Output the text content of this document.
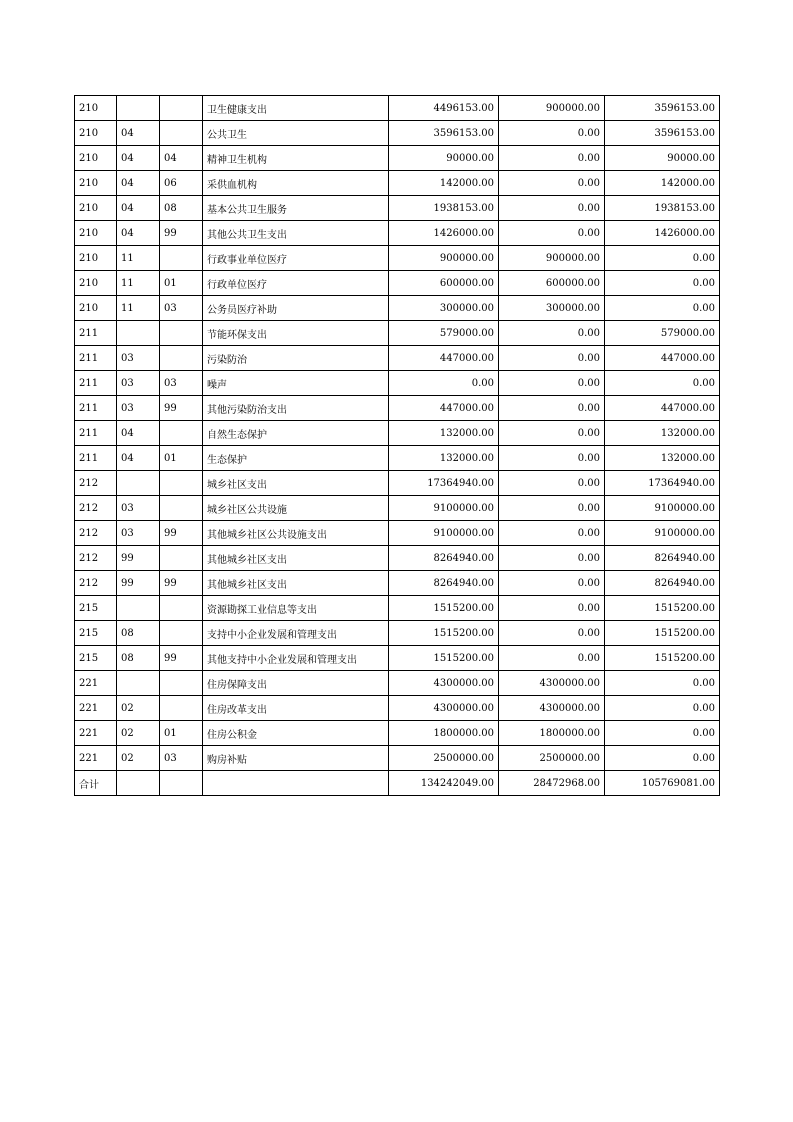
210			卫生健康支出	4496153.00	900000.00	3596153.00
210	04		公共卫生	3596153.00	0.00	3596153.00
210	04	04	精神卫生机构	90000.00	0.00	90000.00
210	04	06	采供血机构	142000.00	0.00	142000.00
210	04	08	基本公共卫生服务	1938153.00	0.00	1938153.00
210	04	99	其他公共卫生支出	1426000.00	0.00	1426000.00
210	11		行政事业单位医疗	900000.00	900000.00	0.00
210	11	01	行政单位医疗	600000.00	600000.00	0.00
210	11	03	公务员医疗补助	300000.00	300000.00	0.00
211			节能环保支出	579000.00	0.00	579000.00
211	03		污染防治	447000.00	0.00	447000.00
211	03	03	噪声	0.00	0.00	0.00
211	03	99	其他污染防治支出	447000.00	0.00	447000.00
211	04		自然生态保护	132000.00	0.00	132000.00
211	04	01	生态保护	132000.00	0.00	132000.00
212			城乡社区支出	17364940.00	0.00	17364940.00
212	03		城乡社区公共设施	9100000.00	0.00	9100000.00
212	03	99	其他城乡社区公共设施支出	9100000.00	0.00	9100000.00
212	99		其他城乡社区支出	8264940.00	0.00	8264940.00
212	99	99	其他城乡社区支出	8264940.00	0.00	8264940.00
215			资源勘探工业信息等支出	1515200.00	0.00	1515200.00
215	08		支持中小企业发展和管理支出	1515200.00	0.00	1515200.00
215	08	99	其他支持中小企业发展和管理支出	1515200.00	0.00	1515200.00
221			住房保障支出	4300000.00	4300000.00	0.00
221	02		住房改革支出	4300000.00	4300000.00	0.00
221	02	01	住房公积金	1800000.00	1800000.00	0.00
221	02	03	购房补贴	2500000.00	2500000.00	0.00
合计				134242049.00	28472968.00	105769081.00
